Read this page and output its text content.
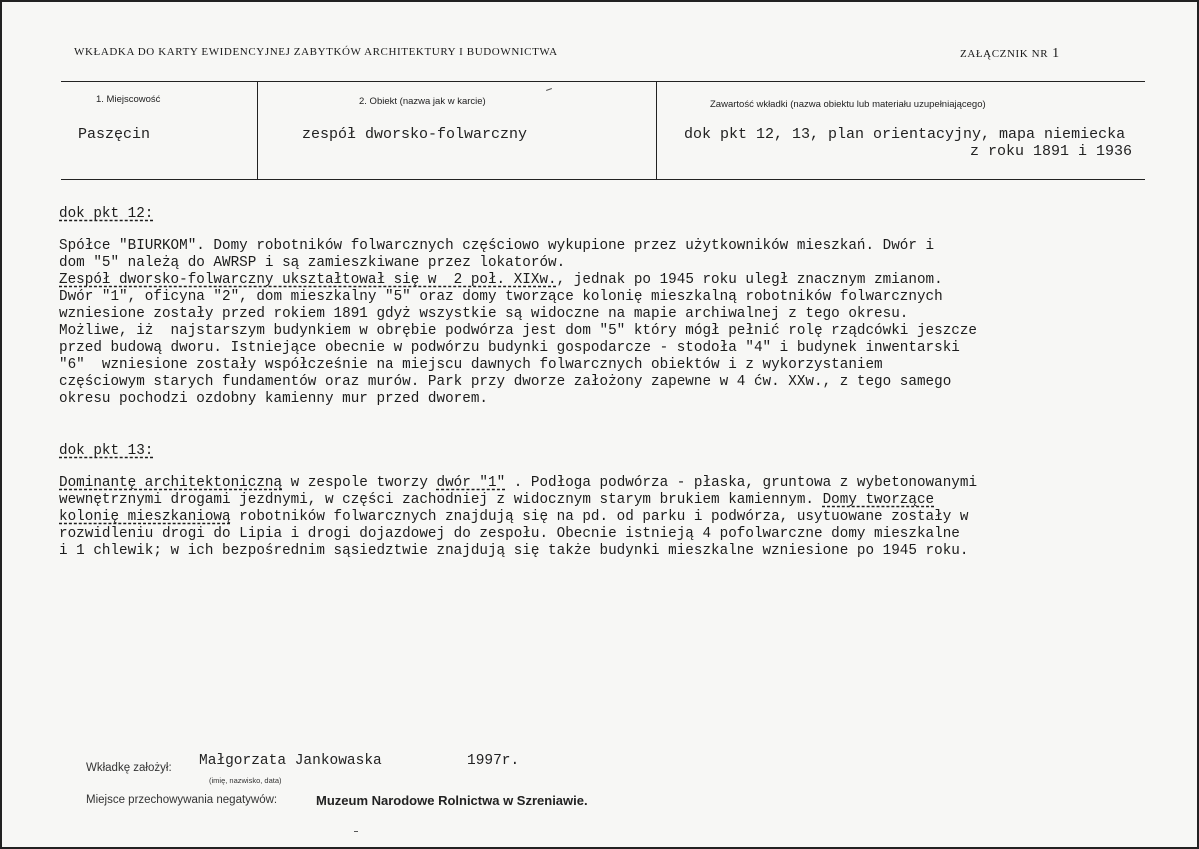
WKŁADKA DO KARTY EWIDENCYJNEJ ZABYTKÓW ARCHITEKTURY I BUDOWNICTWA	ZAŁĄCZNIK NR 1
1. Miejscowość
Paszęcin
2. Obiekt (nazwa jak w karcie)
zespół dworsko-folwarczny
Zawartość wkładki (nazwa obiektu lub materiału uzupełniającego)
dok pkt 12, 13, plan orientacyjny, mapa niemiecka
z roku 1891 i 1936
dok pkt 12:
Spółce "BIURKOM". Domy robotników folwarcznych częściowo wykupione przez użytkowników mieszkań. Dwór i
dom "5" należą do AWRSP i są zamieszkiwane przez lokatorów.
Zespół dworsko-folwarczny ukształtował się w  2 poł. XIXw., jednak po 1945 roku uległ znacznym zmianom.
Dwór "1", oficyna "2", dom mieszkalny "5" oraz domy tworzące kolonię mieszkalną robotników folwarcznych
wzniesione zostały przed rokiem 1891 gdyż wszystkie są widoczne na mapie archiwalnej z tego okresu.
Możliwe, iż  najstarszym budynkiem w obrębie podwórza jest dom "5" który mógł pełnić rolę rządcówki jeszcze
przed budową dworu. Istniejące obecnie w podwórzu budynki gospodarcze - stodoła "4" i budynek inwentarski
"6"  wzniesione zostały współcześnie na miejscu dawnych folwarcznych obiektów i z wykorzystaniem
częściowym starych fundamentów oraz murów. Park przy dworze założony zapewne w 4 ćw. XXw., z tego samego
okresu pochodzi ozdobny kamienny mur przed dworem.
dok pkt 13:
Dominantę architektoniczną w zespole tworzy dwór "1" . Podłoga podwórza - płaska, gruntowa z wybetonowanymi
wewnętrznymi drogami jezdnymi, w części zachodniej z widocznym starym brukiem kamiennym. Domy tworzące
kolonię mieszkaniową robotników folwarcznych znajdują się na pd. od parku i podwórza, usytuowane zostały w
rozwidleniu drogi do Lipia i drogi dojazdowej do zespołu. Obecnie istnieją 4 pofolwarczne domy mieszkalne
i 1 chlewik; w ich bezpośrednim sąsiedztwie znajdują się także budynki mieszkalne wzniesione po 1945 roku.
Wkładkę założył: Małgorzata Jankowaska	1997r.
(imię, nazwisko, data)
Miejsce przechowywania negatywów:	Muzeum Narodowe Rolnictwa w Szreniawie.
